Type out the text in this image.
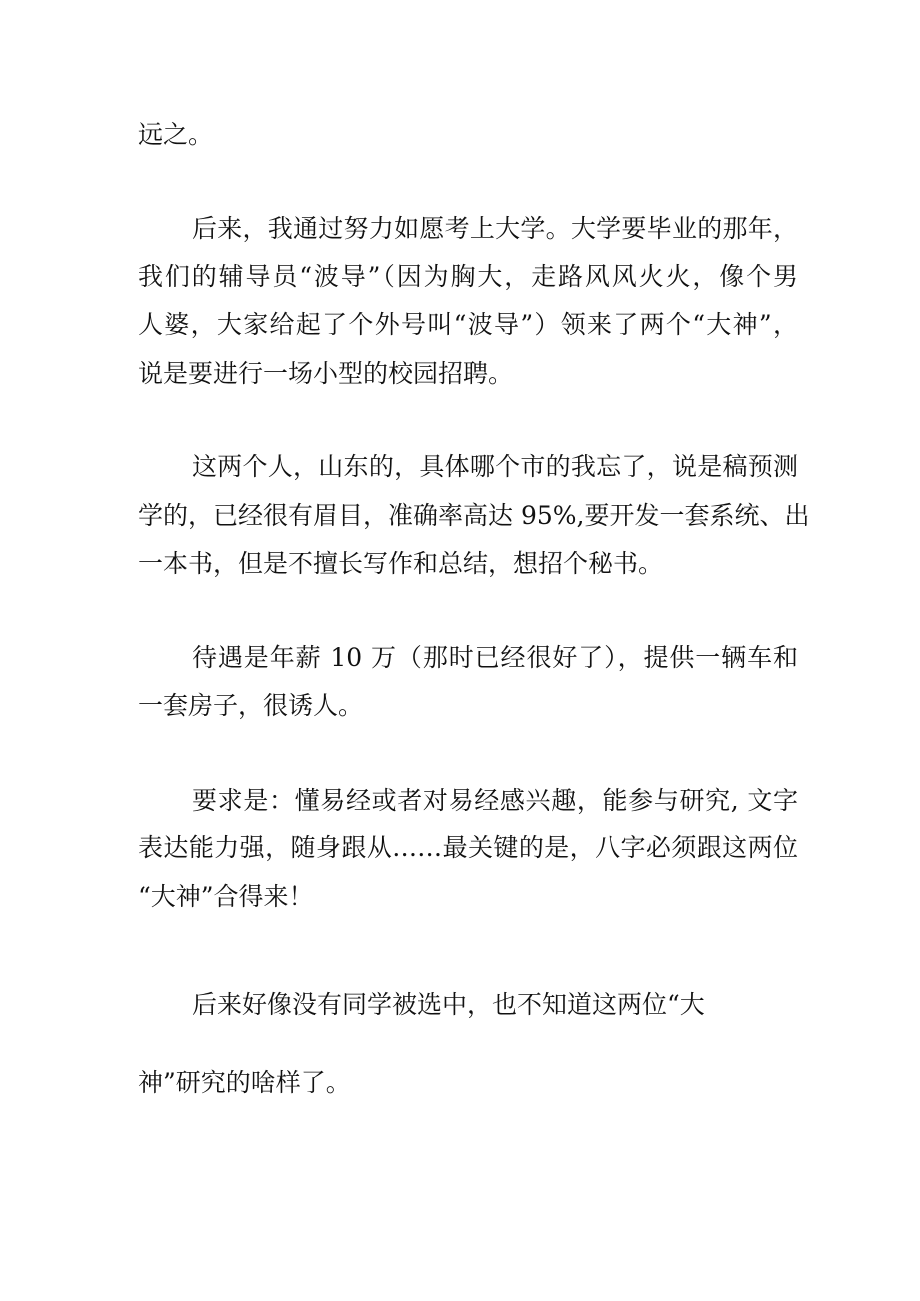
远之。
后来，我通过努力如愿考上大学。大学要毕业的那年，
我们的辅导员“波导”（因为胸大，走路风风火火，像个男
人婆，大家给起了个外号叫“波导”）领来了两个“大神”，
说是要进行一场小型的校园招聘。
这两个人，山东的，具体哪个市的我忘了，说是稿预测
学的，已经很有眉目，准确率高达 95%,要开发一套系统、出
一本书，但是不擅长写作和总结，想招个秘书。
待遇是年薪 10 万（那时已经很好了），提供一辆车和
一套房子，很诱人。
要求是：懂易经或者对易经感兴趣，能参与研究, 文字
表达能力强，随身跟从……最关键的是，八字必须跟这两位
“大神”合得来！
后来好像没有同学被选中，也不知道这两位“大
神”研究的啥样了。
